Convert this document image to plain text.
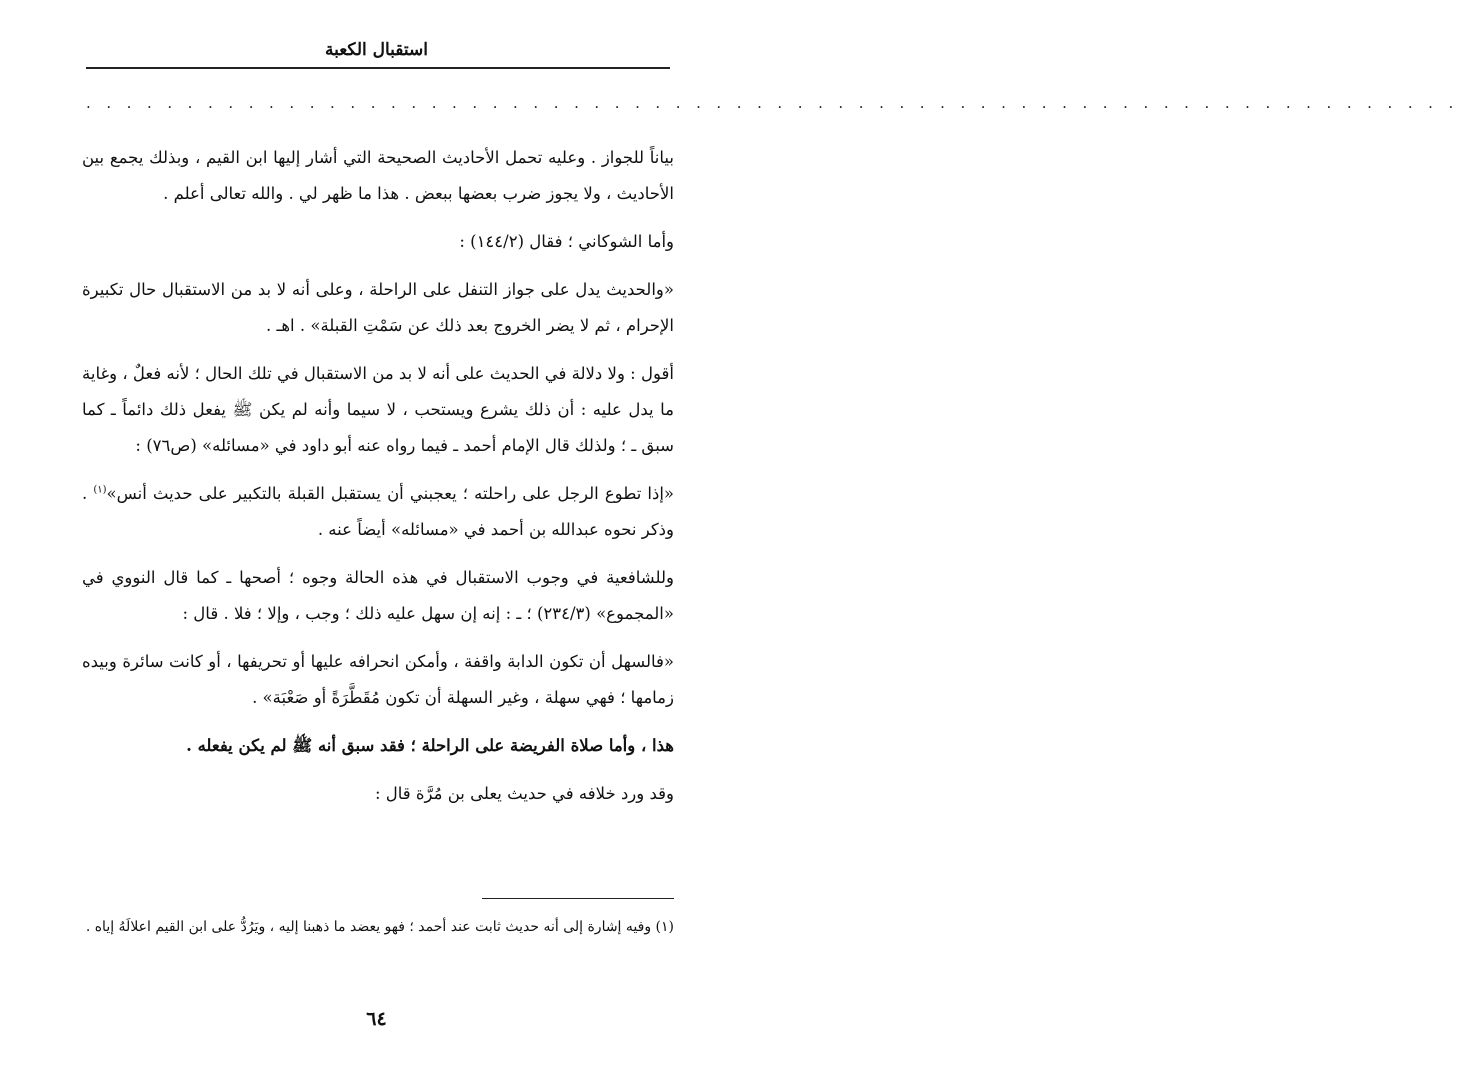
استقبال الكعبة
. . . . . . . . . . . . . . . . . . . . . . . . . . . . . . . . . . . . . . . . . . . . . . . . . . . . . . . . . . . . . . . . . . . .

بياناً للجواز . وعليه تحمل الأحاديث الصحيحة التي أشار إليها ابن القيم ، وبذلك يجمع بين الأحاديث ، ولا يجوز ضرب بعضها ببعض . هذا ما ظهر لي . والله تعالى أعلم .

وأما الشوكاني ؛ فقال (١٤٤/٢) :

«والحديث يدل على جواز التنفل على الراحلة ، وعلى أنه لا بد من الاستقبال حال تكبيرة الإحرام ، ثم لا يضر الخروج بعد ذلك عن سَمْتِ القبلة» . اهـ .

أقول : ولا دلالة في الحديث على أنه لا بد من الاستقبال في تلك الحال ؛ لأنه فعلٌ ، وغاية ما يدل عليه : أن ذلك يشرع ويستحب ، لا سيما وأنه لم يكن ﷺ يفعل ذلك دائماً ـ كما سبق ـ ؛ ولذلك قال الإمام أحمد ـ فيما رواه عنه أبو داود في «مسائله» (ص٧٦) :

«إذا تطوع الرجل على راحلته ؛ يعجبني أن يستقبل القبلة بالتكبير على حديث أنس»$^{(١)}$ . وذكر نحوه عبدالله بن أحمد في «مسائله» أيضاً عنه .

وللشافعية في وجوب الاستقبال في هذه الحالة وجوه ؛ أصحها ـ كما قال النووي في «المجموع» (٢٣٤/٣) ؛ ـ : إنه إن سهل عليه ذلك ؛ وجب ، وإلا ؛ فلا . قال :

«فالسهل أن تكون الدابة واقفة ، وأمكن انحرافه عليها أو تحريفها ، أو كانت سائرة وبيده زمامها ؛ فهي سهلة ، وغير السهلة أن تكون مُقَطَّرَةً أو صَعْبَة» .

هذا ، وأما صلاة الفريضة على الراحلة ؛ فقد سبق أنه ﷺ لم يكن يفعله .

وقد ورد خلافه في حديث يعلى بن مُرَّة قال :

(١) وفيه إشارة إلى أنه حديث ثابت عند أحمد ؛ فهو يعضد ما ذهبنا إليه ، ويَرُدُّ على ابن القيم اعلالَهُ إياه .
٦٤
